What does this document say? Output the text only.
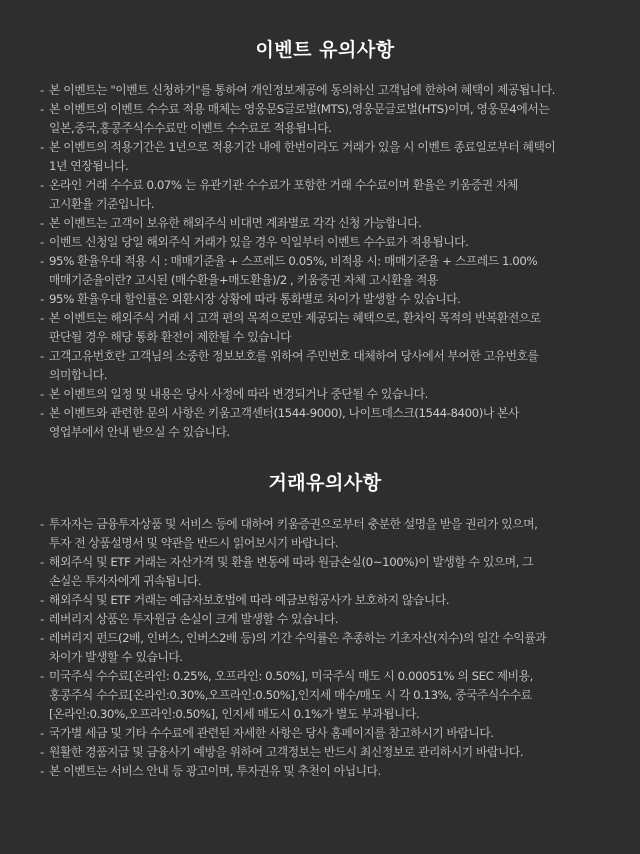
이벤트 유의사항
- 본 이벤트는 "이벤트 신청하기"를 통하여 개인정보제공에 동의하신 고객님에 한하여 혜택이 제공됩니다.
- 본 이벤트의 이벤트 수수료 적용 매체는 영웅문S글로벌(MTS),영웅문글로벌(HTS)이며, 영웅문4에서는
일본,중국,홍콩주식수수료만 이벤트 수수료로 적용됩니다.
- 본 이벤트의 적용기간은 1년으로 적용기간 내에 한번이라도 거래가 있을 시 이벤트 종료일로부터 혜택이
1년 연장됩니다.
- 온라인 거래 수수료 0.07% 는 유관기관 수수료가 포함한 거래 수수료이며 환율은 키움증권 자체
고시환율 기준입니다.
- 본 이벤트는 고객이 보유한 해외주식 비대면 계좌별로 각각 신청 가능합니다.
- 이벤트 신청일 당일 해외주식 거래가 있을 경우 익일부터 이벤트 수수료가 적용됩니다.
- 95% 환율우대 적용 시 : 매매기준율 + 스프레드 0.05%, 비적용 시: 매매기준율 + 스프레드 1.00%
매매기준율이란? 고시된 (매수환율+매도환율)/2 , 키움증권 자체 고시환율 적용
- 95% 환율우대 할인률은 외환시장 상황에 따라 통화별로 차이가 발생할 수 있습니다.
- 본 이벤트는 해외주식 거래 시 고객 편의 목적으로만 제공되는 혜택으로, 환차익 목적의 반복환전으로
판단될 경우 해당 통화 환전이 제한될 수 있습니다
- 고객고유번호란 고객님의 소중한 정보보호를 위하여 주민번호 대체하여 당사에서 부여한 고유번호를
의미합니다.
- 본 이벤트의 일정 및 내용은 당사 사정에 따라 변경되거나 중단될 수 있습니다.
- 본 이벤트와 관련한 문의 사항은 키움고객센터(1544-9000), 나이트데스크(1544-8400)나 본사
영업부에서 안내 받으실 수 있습니다.
거래유의사항
- 투자자는 금융투자상품 및 서비스 등에 대하여 키움증권으로부터 충분한 설명을 받을 권리가 있으며,
투자 전 상품설명서 및 약관을 반드시 읽어보시기 바랍니다.
- 해외주식 및 ETF 거래는 자산가격 및 환율 변동에 따라 원금손실(0~100%)이 발생할 수 있으며, 그
손실은 투자자에게 귀속됩니다.
- 해외주식 및 ETF 거래는 예금자보호법에 따라 예금보험공사가 보호하지 않습니다.
- 레버리지 상품은 투자원금 손실이 크게 발생할 수 있습니다.
- 레버리지 펀드(2배, 인버스, 인버스2배 등)의 기간 수익률은 추종하는 기초자산(지수)의 일간 수익률과
차이가 발생할 수 있습니다.
- 미국주식 수수료[온라인: 0.25%, 오프라인: 0.50%], 미국주식 매도 시 0.00051% 의 SEC 제비용,
홍콩주식 수수료[온라인:0.30%,오프라인:0.50%],인지세 매수/매도 시 각 0.13%, 중국주식수수료
[온라인:0.30%,오프라인:0.50%], 인지세 매도시 0.1%가 별도 부과됩니다.
- 국가별 세금 및 기타 수수료에 관련된 자세한 사항은 당사 홈페이지를 참고하시기 바랍니다.
- 원활한 경품지급 및 금융사기 예방을 위하여 고객정보는 반드시 최신정보로 관리하시기 바랍니다.
- 본 이벤트는 서비스 안내 등 광고이며, 투자권유 및 추천이 아닙니다.
